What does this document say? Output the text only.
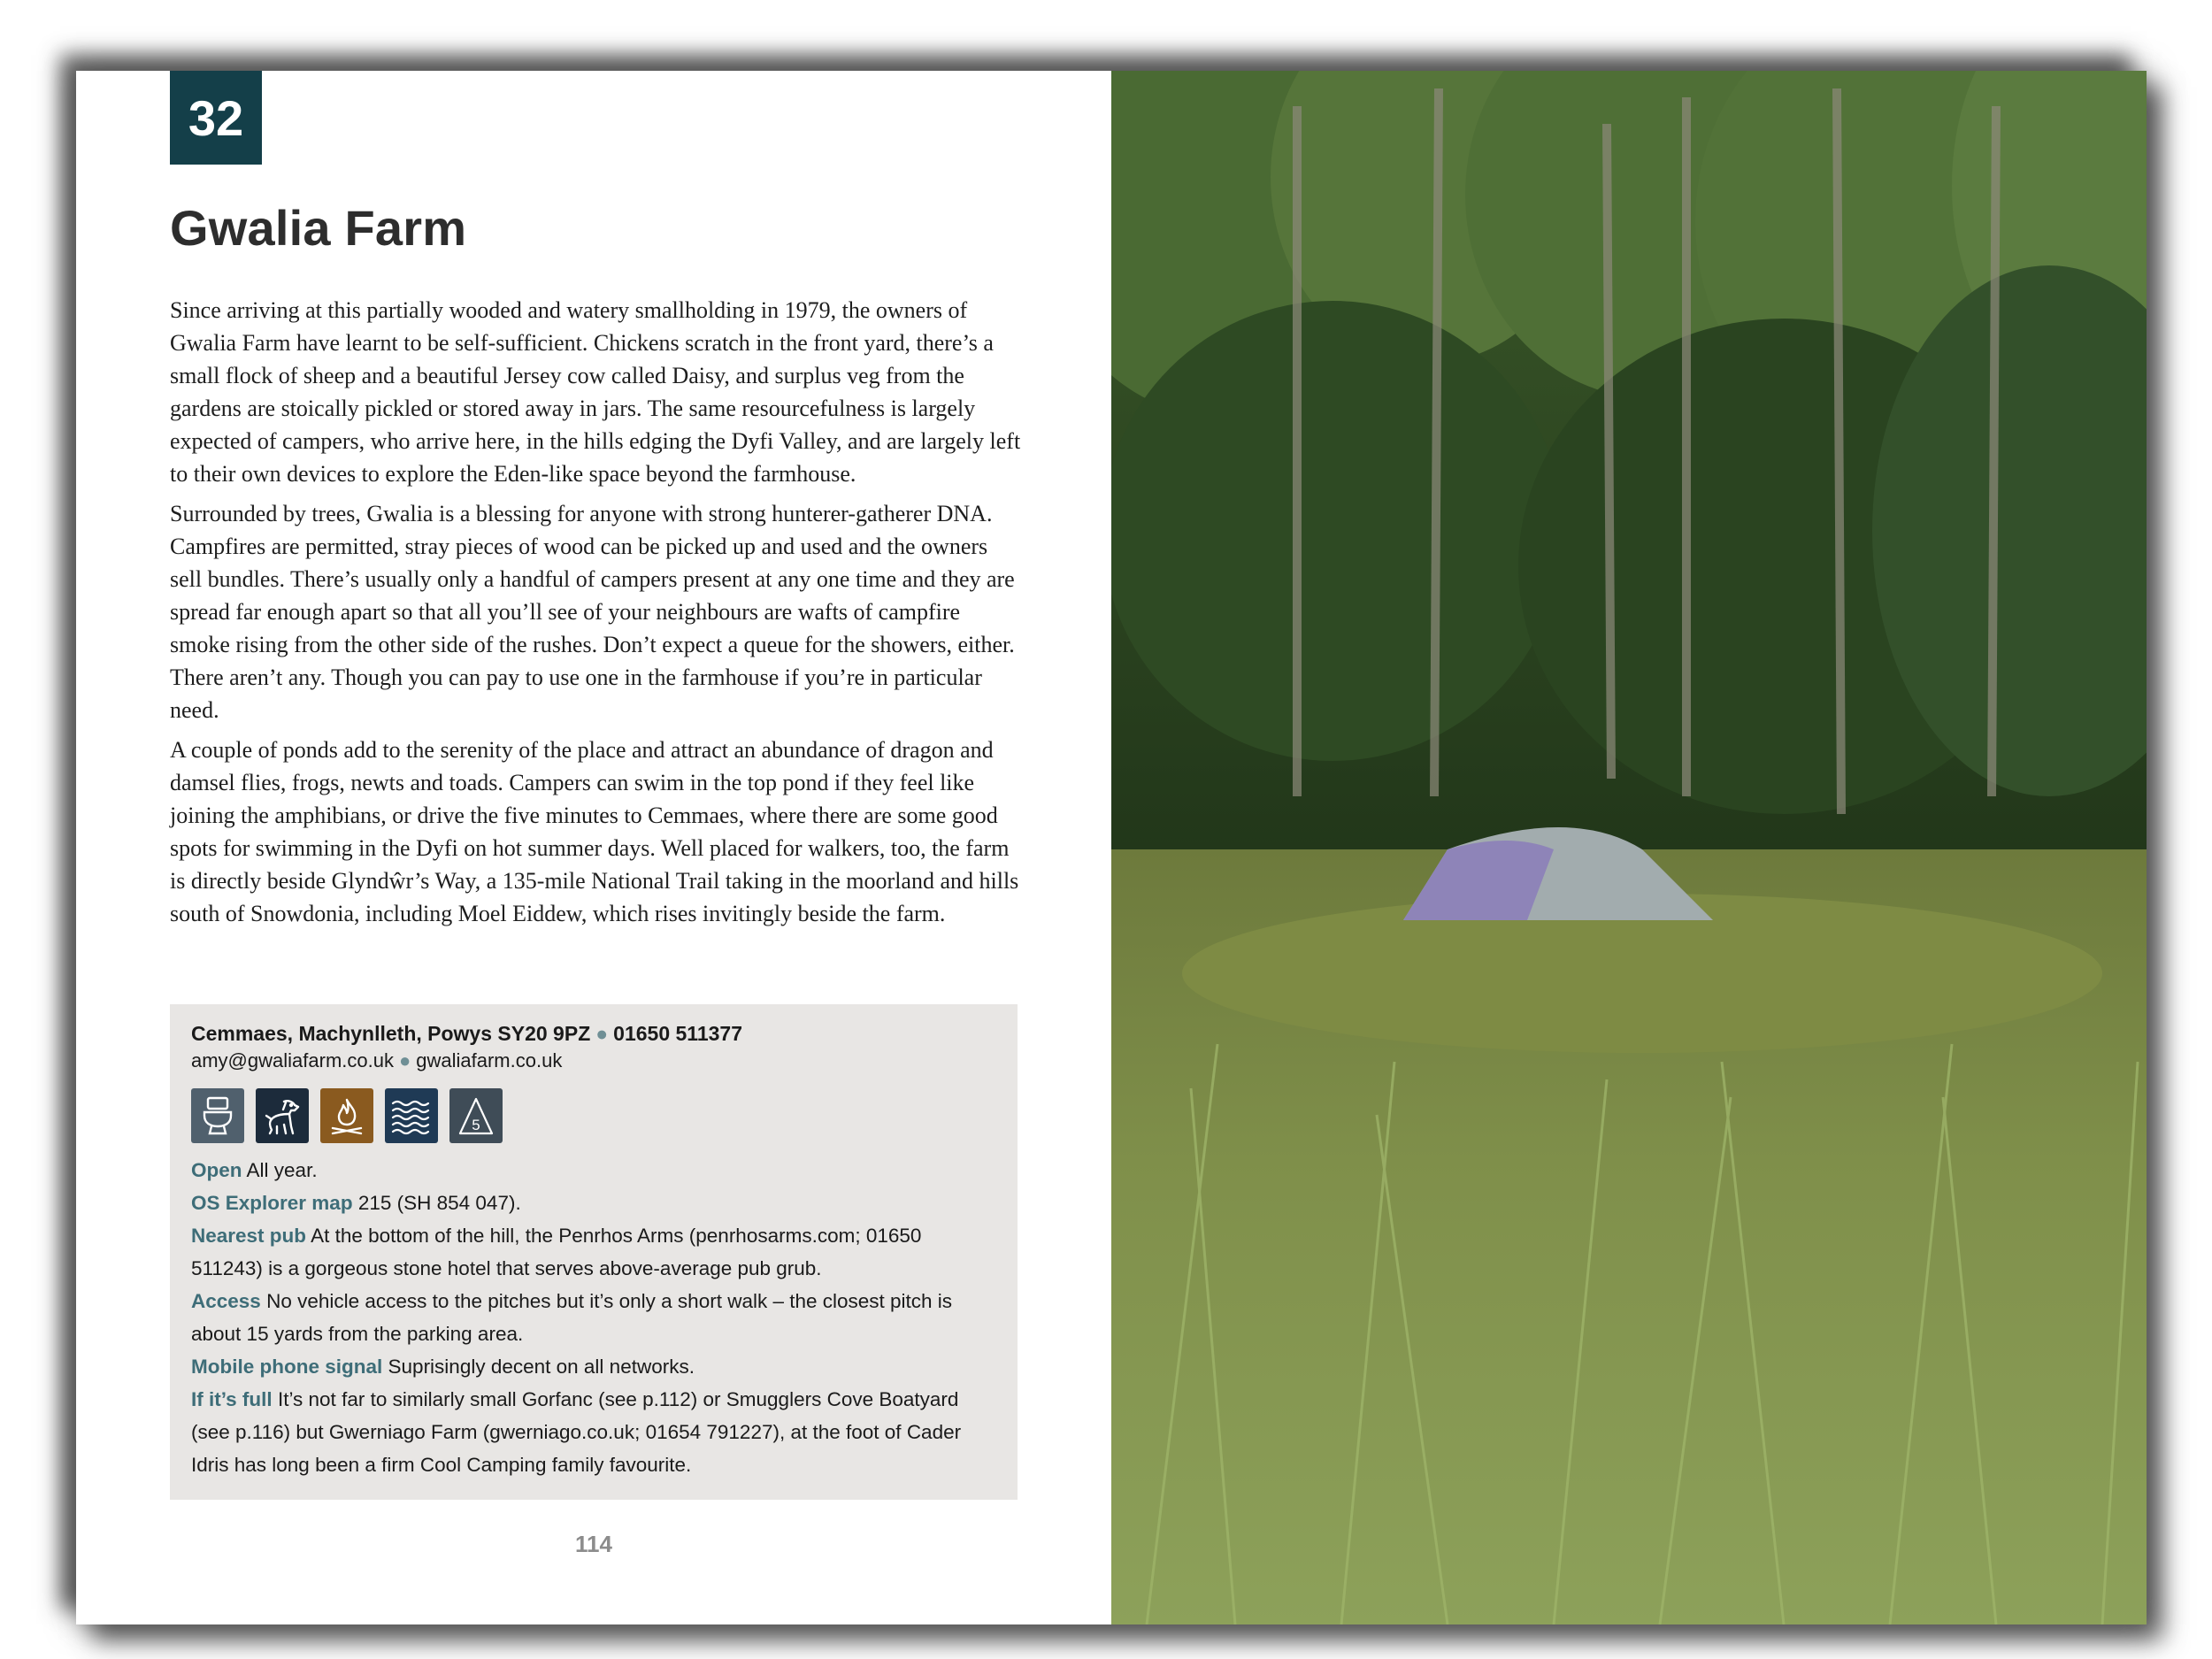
32
Gwalia Farm

Since arriving at this partially wooded and watery smallholding in 1979, the owners of Gwalia Farm have learnt to be self-sufficient. Chickens scratch in the front yard, there’s a small flock of sheep and a beautiful Jersey cow called Daisy, and surplus veg from the gardens are stoically pickled or stored away in jars. The same resourcefulness is largely expected of campers, who arrive here, in the hills edging the Dyfi Valley, and are largely left to their own devices to explore the Eden-like space beyond the farmhouse.

Surrounded by trees, Gwalia is a blessing for anyone with strong hunterer-gatherer DNA. Campfires are permitted, stray pieces of wood can be picked up and used and the owners sell bundles. There’s usually only a handful of campers present at any one time and they are spread far enough apart so that all you’ll see of your neighbours are wafts of campfire smoke rising from the other side of the rushes. Don’t expect a queue for the showers, either. There aren’t any. Though you can pay to use one in the farmhouse if you’re in particular need.

A couple of ponds add to the serenity of the place and attract an abundance of dragon and damsel flies, frogs, newts and toads. Campers can swim in the top pond if they feel like joining the amphibians, or drive the five minutes to Cemmaes, where there are some good spots for swimming in the Dyfi on hot summer days. Well placed for walkers, too, the farm is directly beside Glyndŵr’s Way, a 135-mile National Trail taking in the moorland and hills south of Snowdonia, including Moel Eiddew, which rises invitingly beside the farm.

Cemmaes, Machynlleth, Powys SY20 9PZ ● 01650 511377
amy@gwaliafarm.co.uk ● gwaliafarm.co.uk
5

Open All year.

OS Explorer map 215 (SH 854 047).

Nearest pub At the bottom of the hill, the Penrhos Arms (penrhosarms.com; 01650 511243) is a gorgeous stone hotel that serves above-average pub grub.

Access No vehicle access to the pitches but it’s only a short walk – the closest pitch is about 15 yards from the parking area.

Mobile phone signal Suprisingly decent on all networks.

If it’s full It’s not far to similarly small Gorfanc (see p.112) or Smugglers Cove Boatyard (see p.116) but Gwerniago Farm (gwerniago.co.uk; 01654 791227), at the foot of Cader Idris has long been a firm Cool Camping family favourite.

114
